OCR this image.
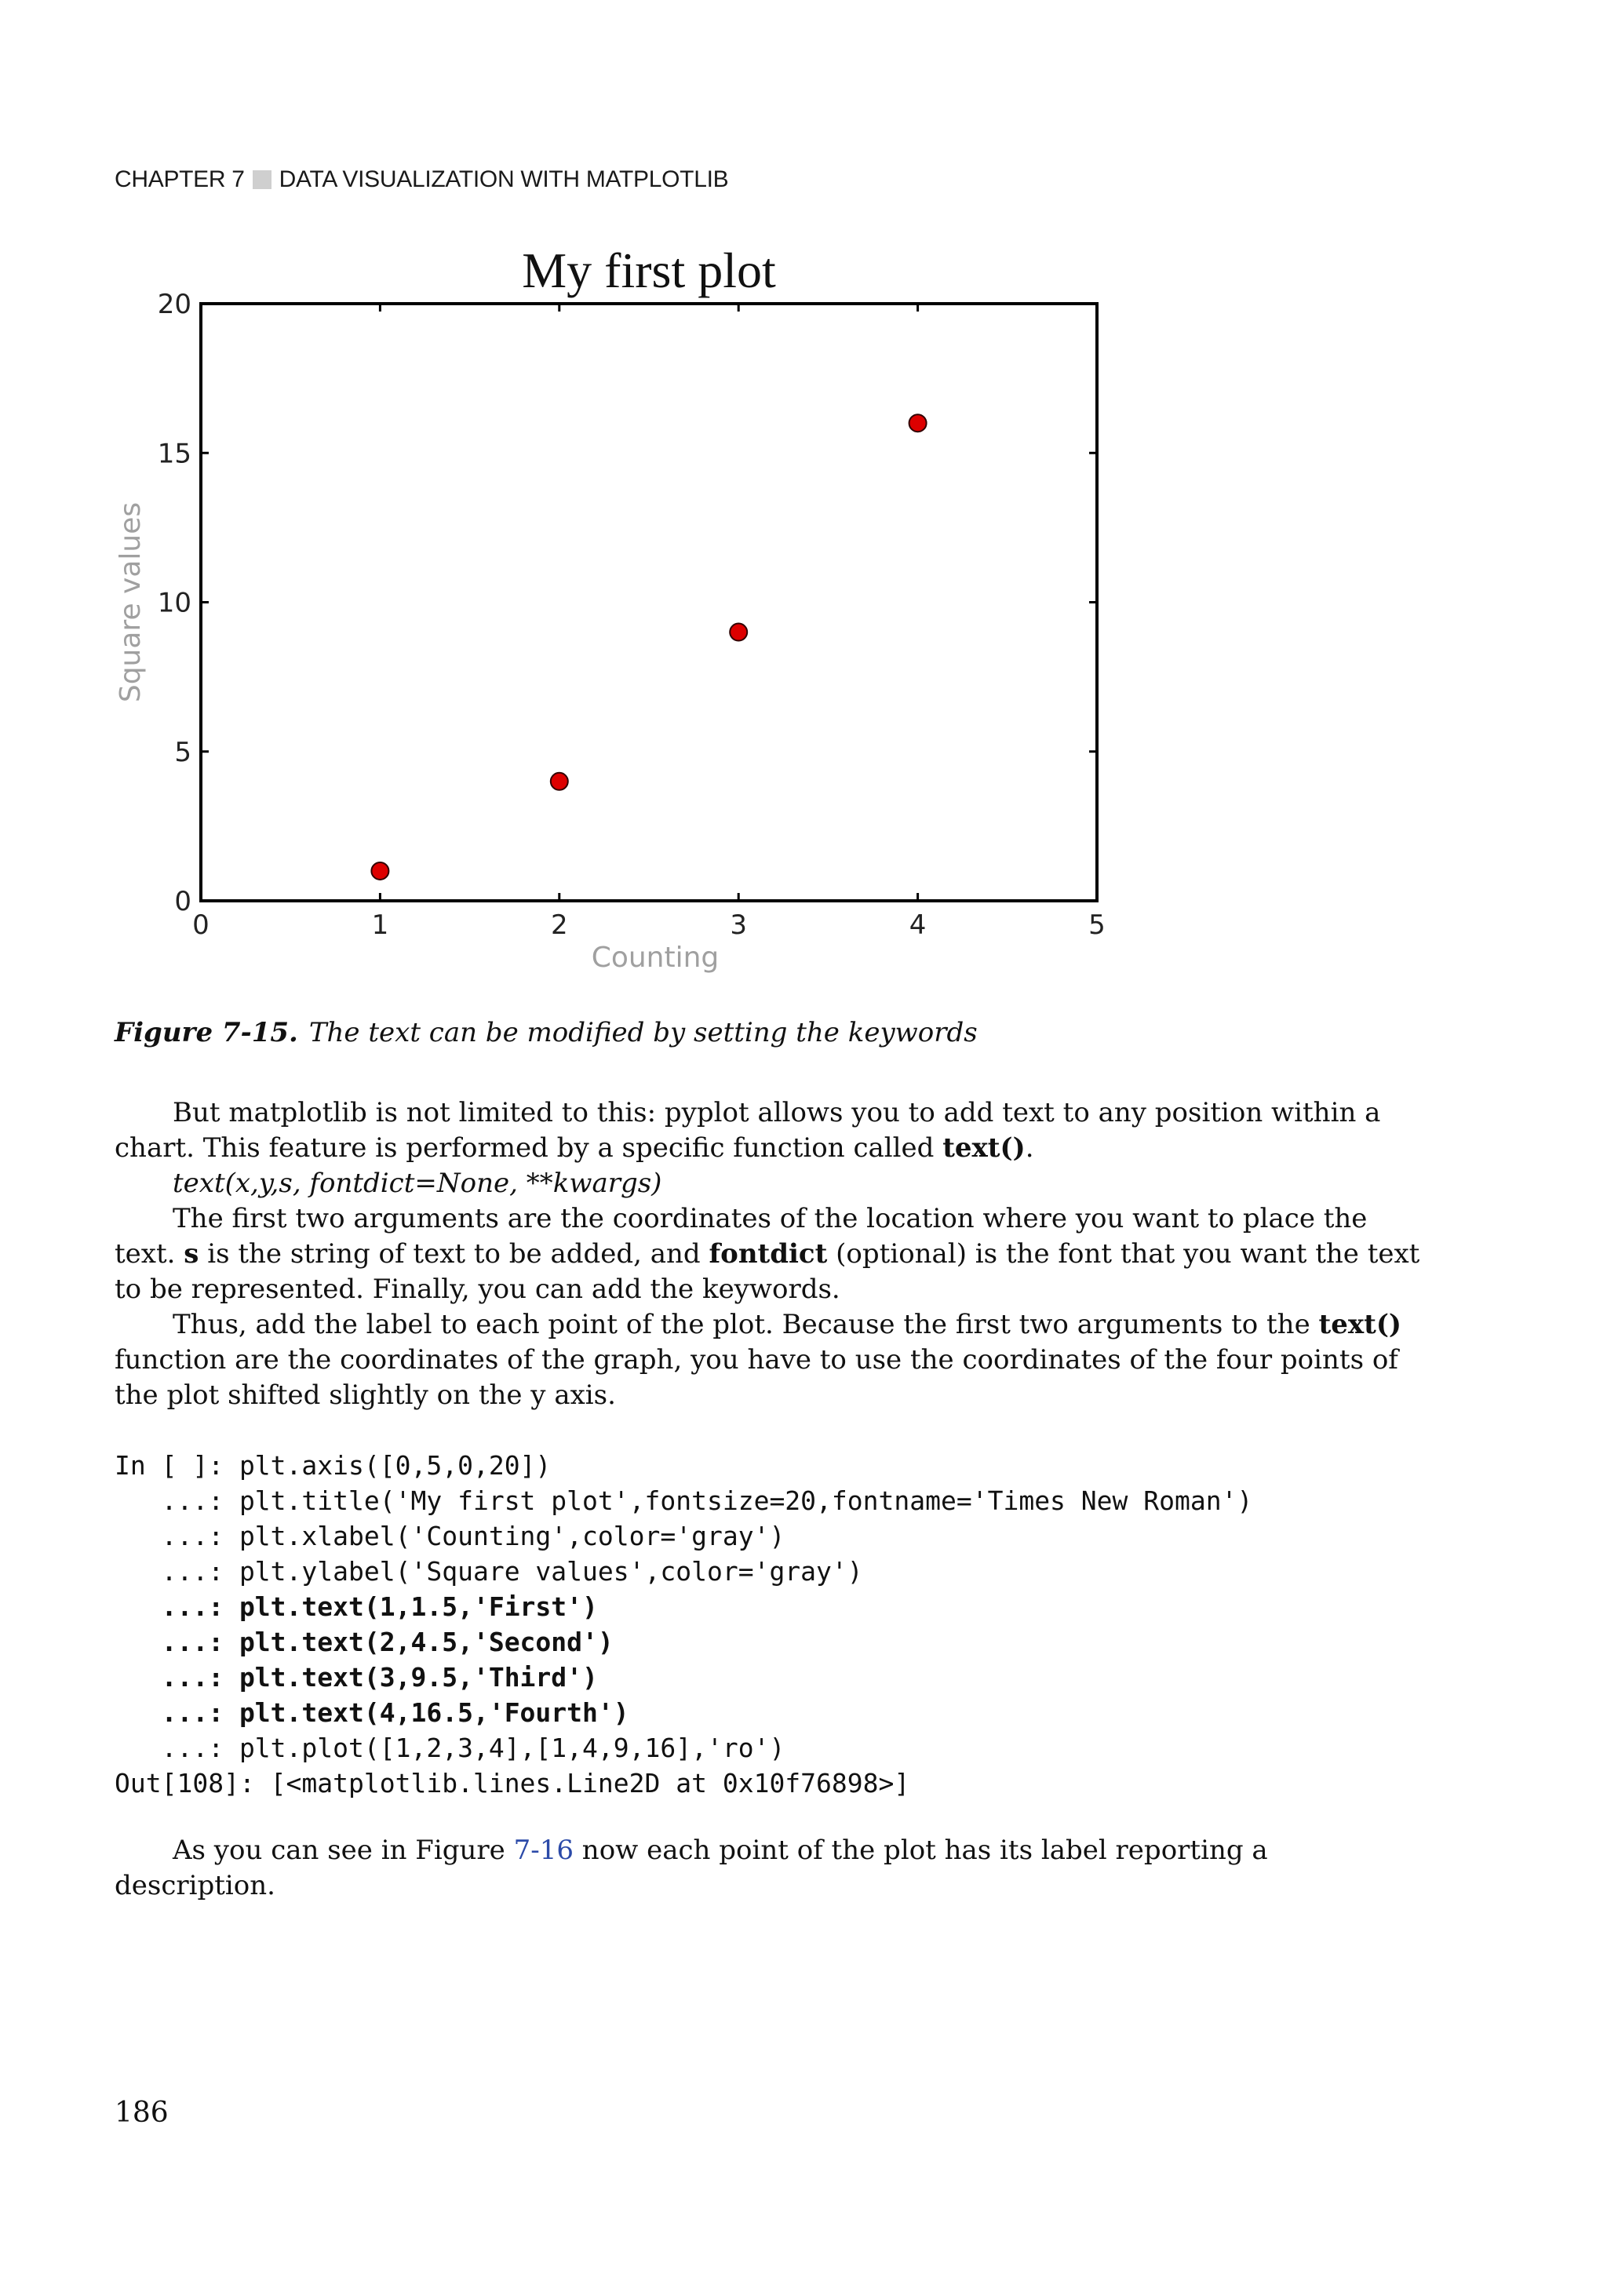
CHAPTER 7 DATA VISUALIZATION WITH MATPLOTLIB
My first plot
0	1	2	3	4	5
0
5
10
15
20
Counting
Square values
Figure 7-15. The text can be modified by setting the keywords

But matplotlib is not limited to this: pyplot allows you to add text to any position within a chart. This feature is performed by a specific function called text().

text(x,y,s, fontdict=None, **kwargs)

The first two arguments are the coordinates of the location where you want to place the text. s is the string of text to be added, and fontdict (optional) is the font that you want the text to be represented. Finally, you can add the keywords.

Thus, add the label to each point of the plot. Because the first two arguments to the text() function are the coordinates of the graph, you have to use the coordinates of the four points of the plot shifted slightly on the y axis.

In [ ]: plt.axis([0,5,0,20])
...: plt.title('My first plot',fontsize=20,fontname='Times New Roman')
...: plt.xlabel('Counting',color='gray')
...: plt.ylabel('Square values',color='gray')
...: plt.text(1,1.5,'First')
...: plt.text(2,4.5,'Second')
...: plt.text(3,9.5,'Third')
...: plt.text(4,16.5,'Fourth')
...: plt.plot([1,2,3,4],[1,4,9,16],'ro')
Out[108]: [<matplotlib.lines.Line2D at 0x10f76898>]
As you can see in Figure 7-16 now each point of the plot has its label reporting a description.
186
